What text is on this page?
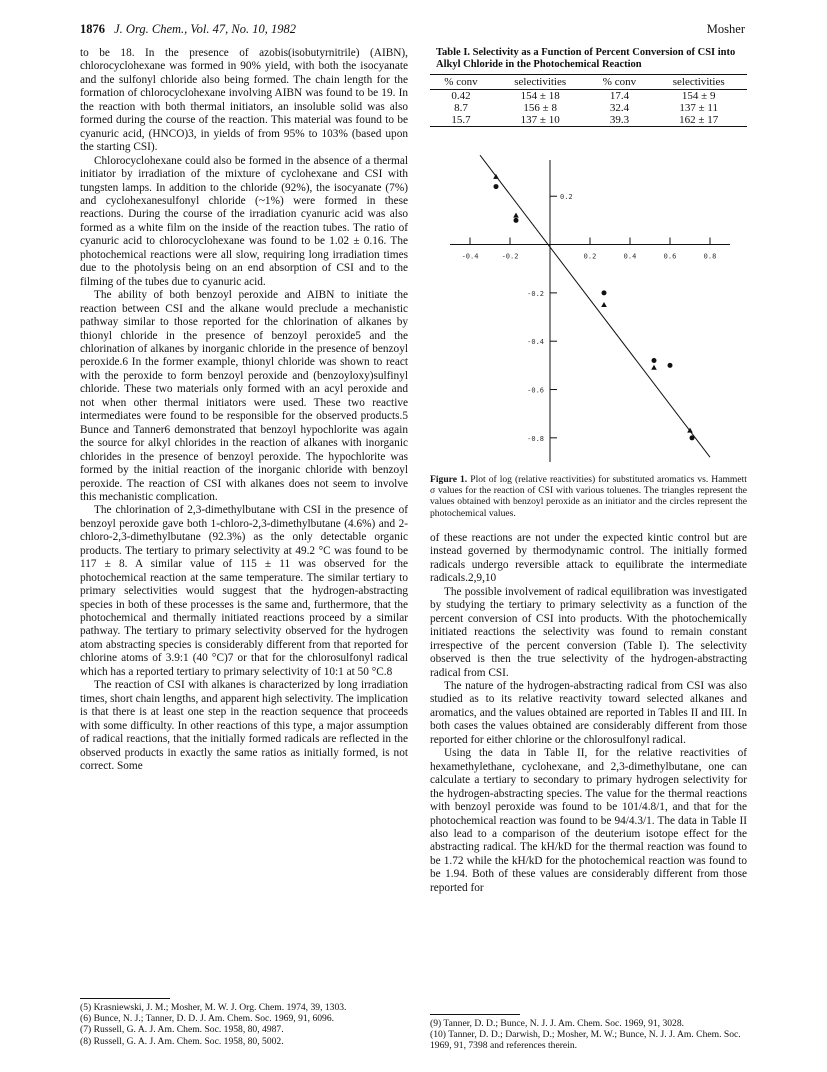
1876 J. Org. Chem., Vol. 47, No. 10, 1982	Mosher

to be 18. In the presence of azobis(isobutyrnitrile) (AIBN), chlorocyclohexane was formed in 90% yield, with both the isocyanate and the sulfonyl chloride also being formed. The chain length for the formation of chlorocyclohexane involving AIBN was found to be 19. In the reaction with both thermal initiators, an insoluble solid was also formed during the course of the reaction. This material was found to be cyanuric acid, (HNCO)3, in yields of from 95% to 103% (based upon the starting CSI).

Chlorocyclohexane could also be formed in the absence of a thermal initiator by irradiation of the mixture of cyclohexane and CSI with tungsten lamps. In addition to the chloride (92%), the isocyanate (7%) and cyclohexanesulfonyl chloride (~1%) were formed in these reactions. During the course of the irradiation cyanuric acid was also formed as a white film on the inside of the reaction tubes. The ratio of cyanuric acid to chlorocyclohexane was found to be 1.02 ± 0.16. The photochemical reactions were all slow, requiring long irradiation times due to the photolysis being on an end absorption of CSI and to the filming of the tubes due to cyanuric acid.

The ability of both benzoyl peroxide and AIBN to initiate the reaction between CSI and the alkane would preclude a mechanistic pathway similar to those reported for the chlorination of alkanes by thionyl chloride in the presence of benzoyl peroxide5 and the chlorination of alkanes by inorganic chloride in the presence of benzoyl peroxide.6 In the former example, thionyl chloride was shown to react with the peroxide to form benzoyl peroxide and (benzoyloxy)sulfinyl chloride. These two materials only formed with an acyl peroxide and not when other thermal initiators were used. These two reactive intermediates were found to be responsible for the observed products.5 Bunce and Tanner6 demonstrated that benzoyl hypochlorite was again the source for alkyl chlorides in the reaction of alkanes with inorganic chlorides in the presence of benzoyl peroxide. The hypochlorite was formed by the initial reaction of the inorganic chloride with benzoyl peroxide. The reaction of CSI with alkanes does not seem to involve this mechanistic complication.

The chlorination of 2,3-dimethylbutane with CSI in the presence of benzoyl peroxide gave both 1-chloro-2,3-dimethylbutane (4.6%) and 2-chloro-2,3-dimethylbutane (92.3%) as the only detectable organic products. The tertiary to primary selectivity at 49.2 °C was found to be 117 ± 8. A similar value of 115 ± 11 was observed for the photochemical reaction at the same temperature. The similar tertiary to primary selectivities would suggest that the hydrogen-abstracting species in both of these processes is the same and, furthermore, that the photochemical and thermally initiated reactions proceed by a similar pathway. The tertiary to primary selectivity observed for the hydrogen atom abstracting species is considerably different from that reported for chlorine atoms of 3.9:1 (40 °C)7 or that for the chlorosulfonyl radical which has a reported tertiary to primary selectivity of 10:1 at 50 °C.8

The reaction of CSI with alkanes is characterized by long irradiation times, short chain lengths, and apparent high selectivity. The implication is that there is at least one step in the reaction sequence that proceeds with some difficulty. In other reactions of this type, a major assumption of radical reactions, that the initially formed radicals are reflected in the observed products in exactly the same ratios as initially formed, is not correct. Some

Table I. Selectivity as a Function of Percent Conversion of CSI into Alkyl Chloride in the Photochemical Reaction
% conv	selectivities	% conv	selectivities
0.42	154 ± 18	17.4	154 ± 9
8.7	156 ± 8	32.4	137 ± 11
15.7	137 ± 10	39.3	162 ± 17
-0.4	-0.2	0.2	0.4	0.6	0.8
0.2
-0.2
-0.4
-0.6
-0.8
Figure 1. Plot of log (relative reactivities) for substituted aromatics vs. Hammett σ values for the reaction of CSI with various toluenes. The triangles represent the values obtained with benzoyl peroxide as an initiator and the circles represent the photochemical values.

of these reactions are not under the expected kintic control but are instead governed by thermodynamic control. The initially formed radicals undergo reversible attack to equilibrate the intermediate radicals.2,9,10

The possible involvement of radical equilibration was investigated by studying the tertiary to primary selectivity as a function of the percent conversion of CSI into products. With the photochemically initiated reactions the selectivity was found to remain constant irrespective of the percent conversion (Table I). The selectivity observed is then the true selectivity of the hydrogen-abstracting radical from CSI.

The nature of the hydrogen-abstracting radical from CSI was also studied as to its relative reactivity toward selected alkanes and aromatics, and the values obtained are reported in Tables II and III. In both cases the values obtained are considerably different from those reported for either chlorine or the chlorosulfonyl radical.

Using the data in Table II, for the relative reactivities of hexamethylethane, cyclohexane, and 2,3-dimethylbutane, one can calculate a tertiary to secondary to primary hydrogen selectivity for the hydrogen-abstracting species. The value for the thermal reactions with benzoyl peroxide was found to be 101/4.8/1, and that for the photochemical reaction was found to be 94/4.3/1. The data in Table II also lead to a comparison of the deuterium isotope effect for the abstracting radical. The kH/kD for the thermal reaction was found to be 1.72 while the kH/kD for the photochemical reaction was found to be 1.94. Both of these values are considerably different from those reported for

(5) Krasniewski, J. M.; Mosher, M. W. J. Org. Chem. 1974, 39, 1303.
(6) Bunce, N. J.; Tanner, D. D. J. Am. Chem. Soc. 1969, 91, 6096.
(7) Russell, G. A. J. Am. Chem. Soc. 1958, 80, 4987.
(8) Russell, G. A. J. Am. Chem. Soc. 1958, 80, 5002.
(9) Tanner, D. D.; Bunce, N. J. J. Am. Chem. Soc. 1969, 91, 3028.
(10) Tanner, D. D.; Darwish, D.; Mosher, M. W.; Bunce, N. J. J. Am. Chem. Soc. 1969, 91, 7398 and references therein.
